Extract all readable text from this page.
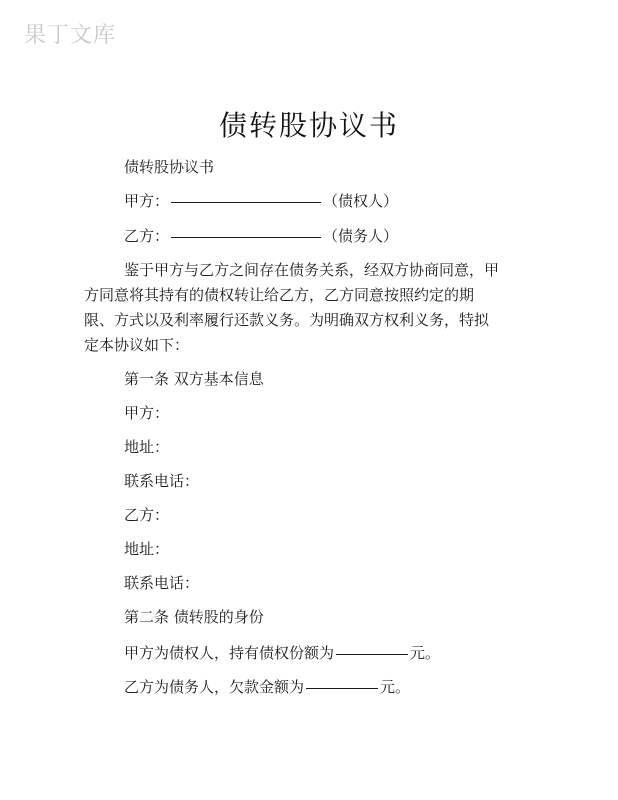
果丁文库
债转股协议书
债转股协议书
甲方：	（债权人）
乙方：	（债务人）
鉴于甲方与乙方之间存在债务关系，经双方协商同意，甲
方同意将其持有的债权转让给乙方，乙方同意按照约定的期
限、方式以及利率履行还款义务。为明确双方权利义务，特拟
定本协议如下：
第一条 双方基本信息
甲方：
地址：
联系电话：
乙方：
地址：
联系电话：
第二条 债转股的身份
甲方为债权人，持有债权份额为	元。
乙方为债务人，欠款金额为	元。
